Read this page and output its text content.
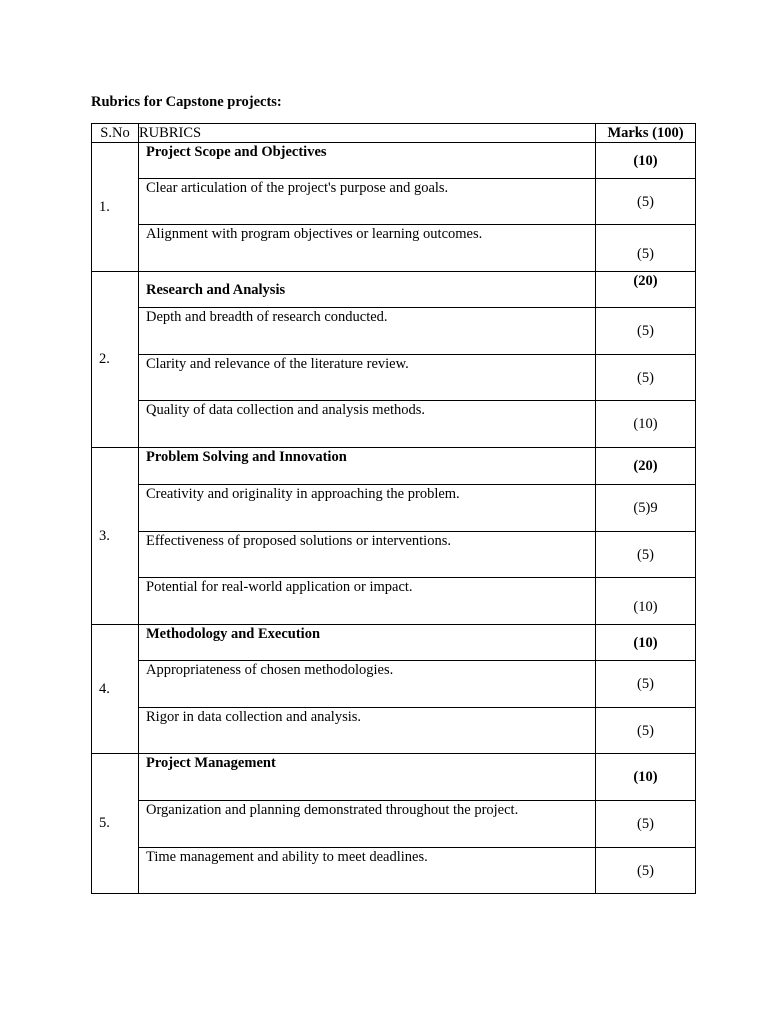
Rubrics for Capstone projects:

S.No	RUBRICS	Marks (100)
1.	Project Scope and Objectives	(10)
	Clear articulation of the project's purpose and goals.	(5)
	Alignment with program objectives or learning outcomes.	(5)
2.	Research and Analysis	(20)
	Depth and breadth of research conducted.	(5)
	Clarity and relevance of the literature review.	(5)
	Quality of data collection and analysis methods.	(10)
3.	Problem Solving and Innovation	(20)
	Creativity and originality in approaching the problem.	(5)9
	Effectiveness of proposed solutions or interventions.	(5)
	Potential for real-world application or impact.	(10)
4.	Methodology and Execution	(10)
	Appropriateness of chosen methodologies.	(5)
	Rigor in data collection and analysis.	(5)
5.	Project Management	(10)
	Organization and planning demonstrated throughout the project.	(5)
	Time management and ability to meet deadlines.	(5)
